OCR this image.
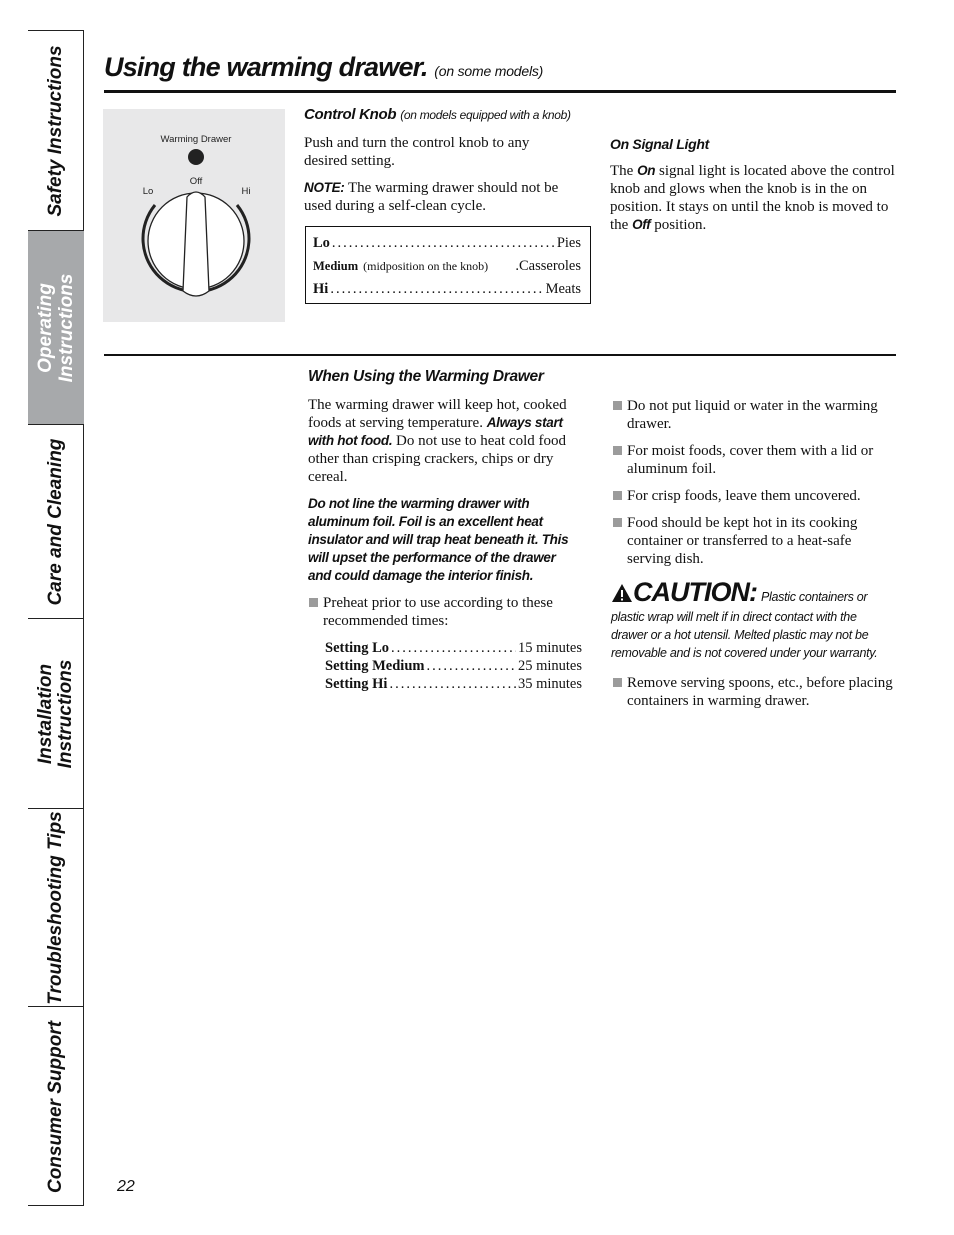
Safety Instructions
Operating Instructions
Care and Cleaning
Installation Instructions
Troubleshooting Tips
Consumer Support
Using the warming drawer. (on some models)
Warming Drawer
Off
Lo	Hi
Control Knob (on models equipped with a knob)

Push and turn the control knob to any desired setting.

NOTE: The warming drawer should not be used during a self-clean cycle.

Lo .....	Pies
Medium (midposition on the knob) .Casseroles
Hi .....	Meats
On Signal Light

The On signal light is located above the control knob and glows when the knob is in the on position. It stays on until the knob is moved to the Off position.

When Using the Warming Drawer

The warming drawer will keep hot, cooked foods at serving temperature. Always start with hot food. Do not use to heat cold food other than crisping crackers, chips or dry cereal.

Do not line the warming drawer with aluminum foil. Foil is an excellent heat insulator and will trap heat beneath it. This will upset the performance of the drawer and could damage the interior finish.

Preheat prior to use according to these recommended times:
Setting Lo .....	15 minutes
Setting Medium .....	25 minutes
Setting Hi .....	35 minutes
Do not put liquid or water in the warming drawer.
For moist foods, cover them with a lid or aluminum foil.
For crisp foods, leave them uncovered.
Food should be kept hot in its cooking container or transferred to a heat-safe serving dish.
CAUTION: Plastic containers or plastic wrap will melt if in direct contact with the drawer or a hot utensil. Melted plastic may not be removable and is not covered under your warranty.
Remove serving spoons, etc., before placing containers in warming drawer.
22
